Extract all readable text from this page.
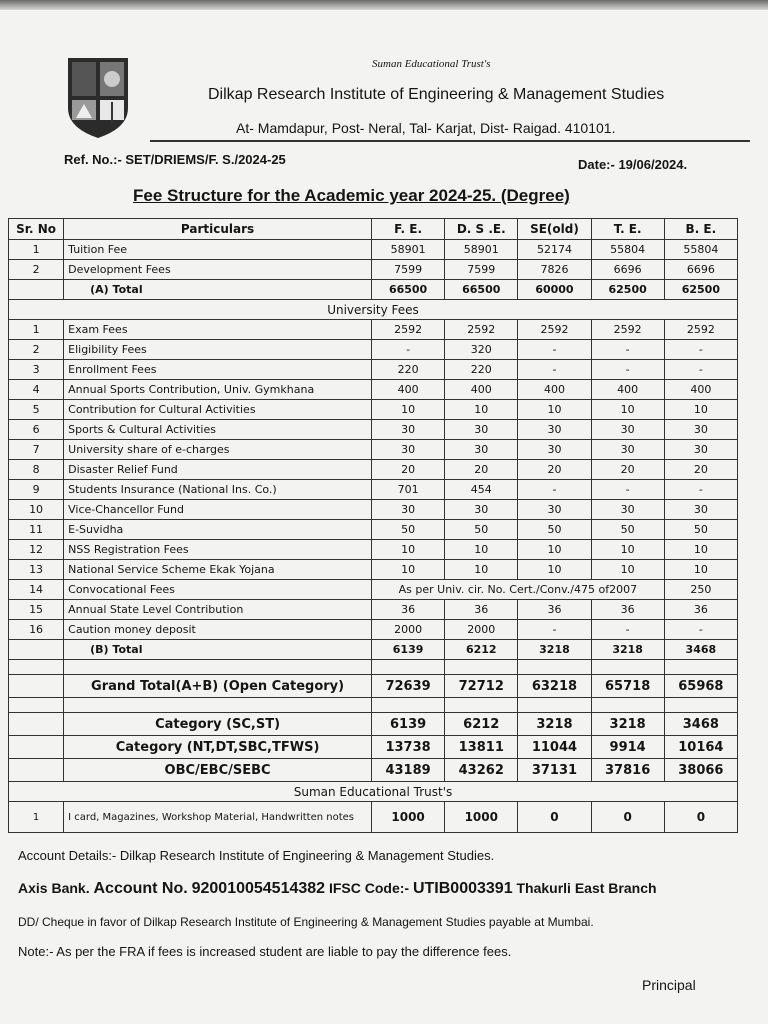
Suman Educational Trust's
Dilkap Research Institute of Engineering & Management Studies
At- Mamdapur, Post- Neral, Tal- Karjat, Dist- Raigad. 410101.
Ref. No.:- SET/DRIEMS/F. S./2024-25	Date:- 19/06/2024.
Fee Structure for the Academic year 2024-25. (Degree)
Sr. No	Particulars	F. E.	D. S .E.	SE(old)	T. E.	B. E.
1	Tuition Fee	58901	58901	52174	55804	55804
2	Development Fees	7599	7599	7826	6696	6696
	(A) Total	66500	66500	60000	62500	62500
University Fees						
1	Exam Fees	2592	2592	2592	2592	2592
2	Eligibility Fees	-	320	-	-	-
3	Enrollment Fees	220	220	-	-	-
4	Annual Sports Contribution, Univ. Gymkhana	400	400	400	400	400
5	Contribution for Cultural Activities	10	10	10	10	10
6	Sports & Cultural Activities	30	30	30	30	30
7	University share of e-charges	30	30	30	30	30
8	Disaster Relief Fund	20	20	20	20	20
9	Students Insurance (National Ins. Co.)	701	454	-	-	-
10	Vice-Chancellor Fund	30	30	30	30	30
11	E-Suvidha	50	50	50	50	50
12	NSS Registration Fees	10	10	10	10	10
13	National Service Scheme Ekak Yojana	10	10	10	10	10
14	Convocational Fees	As per Univ. cir. No. Cert./Conv./475 of2007				250
15	Annual State Level Contribution	36	36	36	36	36
16	Caution money deposit	2000	2000	-	-	-
	(B) Total	6139	6212	3218	3218	3468

	Grand Total(A+B) (Open Category)	72639	72712	63218	65718	65968

	Category (SC,ST)	6139	6212	3218	3218	3468
	Category (NT,DT,SBC,TFWS)	13738	13811	11044	9914	10164
	OBC/EBC/SEBC	43189	43262	37131	37816	38066
Suman Educational Trust's						
1	I card, Magazines, Workshop Material, Handwritten notes	1000	1000	0	0	0
Account Details:- Dilkap Research Institute of Engineering & Management Studies.
Axis Bank. Account No. 920010054514382 IFSC Code:- UTIB0003391 Thakurli East Branch
DD/ Cheque in favor of Dilkap Research Institute of Engineering & Management Studies payable at Mumbai.
Note:- As per the FRA if fees is increased student are liable to pay the difference fees.
Principal
